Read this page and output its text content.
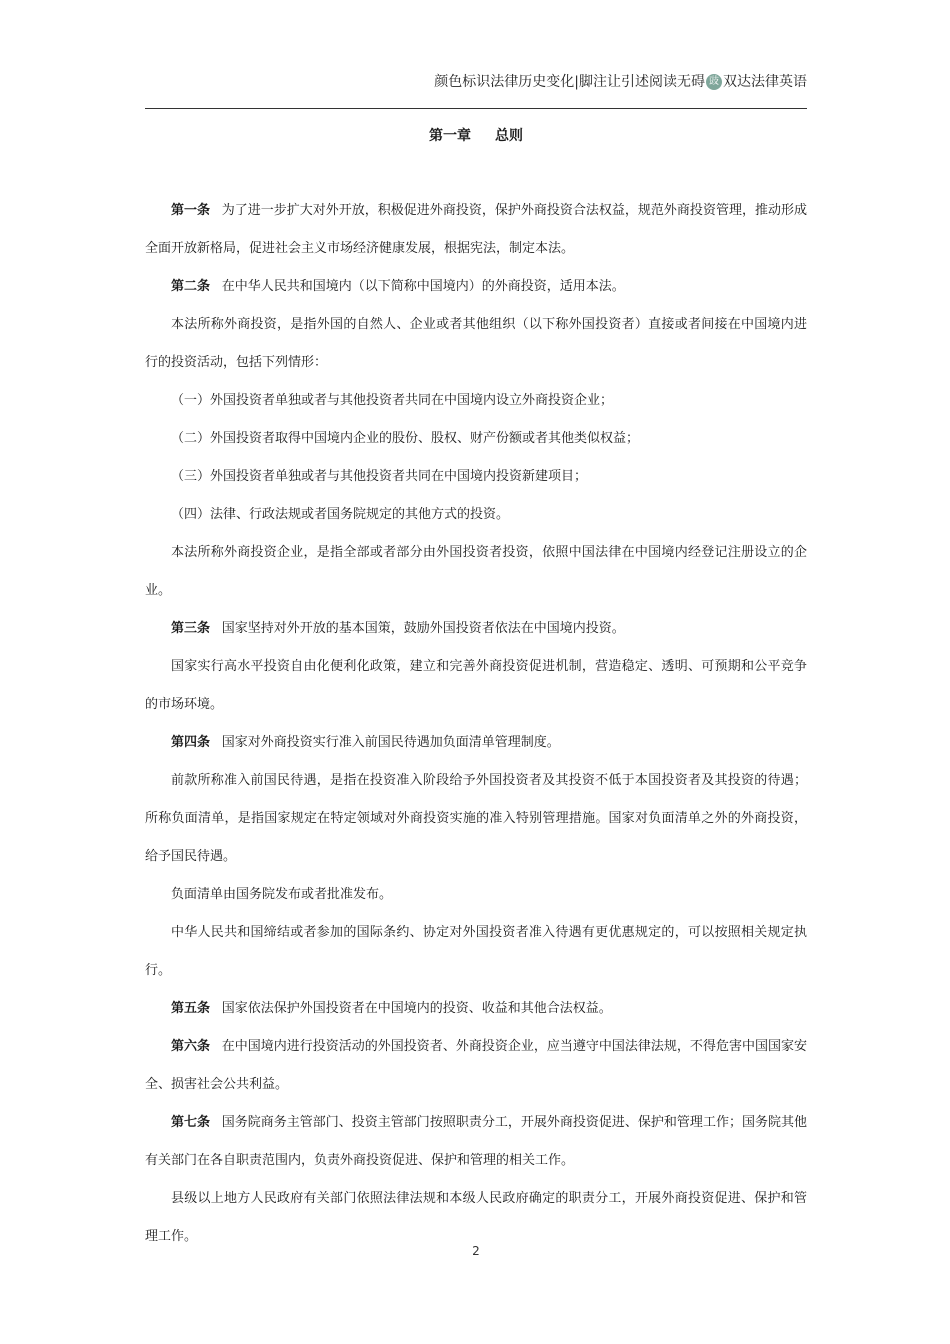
颜色标识法律历史变化|脚注让引述阅读无碍 豉 双达法律英语
第一章 总则

第一条 为了进一步扩大对外开放，积极促进外商投资，保护外商投资合法权益，规范外商投资管理，推动形成全面开放新格局，促进社会主义市场经济健康发展，根据宪法，制定本法。

第二条 在中华人民共和国境内（以下简称中国境内）的外商投资，适用本法。

本法所称外商投资，是指外国的自然人、企业或者其他组织（以下称外国投资者）直接或者间接在中国境内进行的投资活动，包括下列情形：

（一）外国投资者单独或者与其他投资者共同在中国境内设立外商投资企业；

（二）外国投资者取得中国境内企业的股份、股权、财产份额或者其他类似权益；

（三）外国投资者单独或者与其他投资者共同在中国境内投资新建项目；

（四）法律、行政法规或者国务院规定的其他方式的投资。

本法所称外商投资企业，是指全部或者部分由外国投资者投资，依照中国法律在中国境内经登记注册设立的企业。

第三条 国家坚持对外开放的基本国策，鼓励外国投资者依法在中国境内投资。

国家实行高水平投资自由化便利化政策，建立和完善外商投资促进机制，营造稳定、透明、可预期和公平竞争的市场环境。

第四条 国家对外商投资实行准入前国民待遇加负面清单管理制度。

前款所称准入前国民待遇，是指在投资准入阶段给予外国投资者及其投资不低于本国投资者及其投资的待遇；所称负面清单，是指国家规定在特定领域对外商投资实施的准入特别管理措施。国家对负面清单之外的外商投资，给予国民待遇。

负面清单由国务院发布或者批准发布。

中华人民共和国缔结或者参加的国际条约、协定对外国投资者准入待遇有更优惠规定的，可以按照相关规定执行。

第五条 国家依法保护外国投资者在中国境内的投资、收益和其他合法权益。

第六条 在中国境内进行投资活动的外国投资者、外商投资企业，应当遵守中国法律法规，不得危害中国国家安全、损害社会公共利益。

第七条 国务院商务主管部门、投资主管部门按照职责分工，开展外商投资促进、保护和管理工作；国务院其他有关部门在各自职责范围内，负责外商投资促进、保护和管理的相关工作。

县级以上地方人民政府有关部门依照法律法规和本级人民政府确定的职责分工，开展外商投资促进、保护和管理工作。

2
